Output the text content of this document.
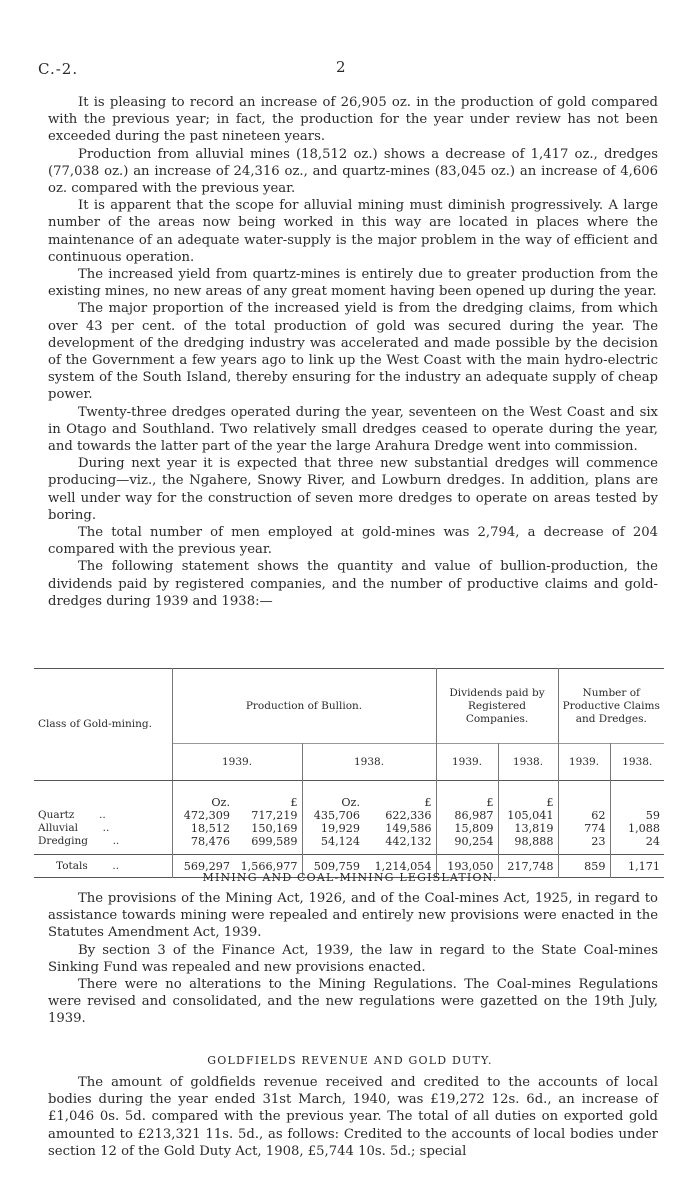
C.-2.	2

It is pleasing to record an increase of 26,905 oz. in the production of gold compared with the previous year; in fact, the production for the year under review has not been exceeded during the past nineteen years.

Production from alluvial mines (18,512 oz.) shows a decrease of 1,417 oz., dredges (77,038 oz.) an increase of 24,316 oz., and quartz-mines (83,045 oz.) an increase of 4,606 oz. compared with the previous year.

It is apparent that the scope for alluvial mining must diminish progressively. A large number of the areas now being worked in this way are located in places where the maintenance of an adequate water-supply is the major problem in the way of efficient and continuous operation.

The increased yield from quartz-mines is entirely due to greater production from the existing mines, no new areas of any great moment having been opened up during the year.

The major proportion of the increased yield is from the dredging claims, from which over 43 per cent. of the total production of gold was secured during the year. The development of the dredging industry was accelerated and made possible by the decision of the Government a few years ago to link up the West Coast with the main hydro-electric system of the South Island, thereby ensuring for the industry an adequate supply of cheap power.

Twenty-three dredges operated during the year, seventeen on the West Coast and six in Otago and Southland. Two relatively small dredges ceased to operate during the year, and towards the latter part of the year the large Arahura Dredge went into commission.

During next year it is expected that three new substantial dredges will commence producing—viz., the Ngahere, Snowy River, and Lowburn dredges. In addition, plans are well under way for the construction of seven more dredges to operate on areas tested by boring.

The total number of men employed at gold-mines was 2,794, a decrease of 204 compared with the previous year.

The following statement shows the quantity and value of bullion-production, the dividends paid by registered companies, and the number of productive claims and gold-dredges during 1939 and 1938:—

Class of Gold-mining.	Production of Bullion.				Dividends paid by Registered Companies.		Number of Productive Claims and Dredges.	
	1939.		1938.		1939.	1938.	1939.	1938.
	Oz.	£	Oz.	£	£	£		
Quartz ..	472,309	717,219	435,706	622,336	86,987	105,041	62	59
Alluvial ..	18,512	150,169	19,929	149,586	15,809	13,819	774	1,088
Dredging ..	78,476	699,589	54,124	442,132	90,254	98,888	23	24
Totals ..	569,297	1,566,977	509,759	1,214,054	193,050	217,748	859	1,171
MINING AND COAL-MINING LEGISLATION.

The provisions of the Mining Act, 1926, and of the Coal-mines Act, 1925, in regard to assistance towards mining were repealed and entirely new provisions were enacted in the Statutes Amendment Act, 1939.

By section 3 of the Finance Act, 1939, the law in regard to the State Coal-mines Sinking Fund was repealed and new provisions enacted.

There were no alterations to the Mining Regulations. The Coal-mines Regulations were revised and consolidated, and the new regulations were gazetted on the 19th July, 1939.

GOLDFIELDS REVENUE AND GOLD DUTY.

The amount of goldfields revenue received and credited to the accounts of local bodies during the year ended 31st March, 1940, was £19,272 12s. 6d., an increase of £1,046 0s. 5d. compared with the previous year. The total of all duties on exported gold amounted to £213,321 11s. 5d., as follows: Credited to the accounts of local bodies under section 12 of the Gold Duty Act, 1908, £5,744 10s. 5d.; special
